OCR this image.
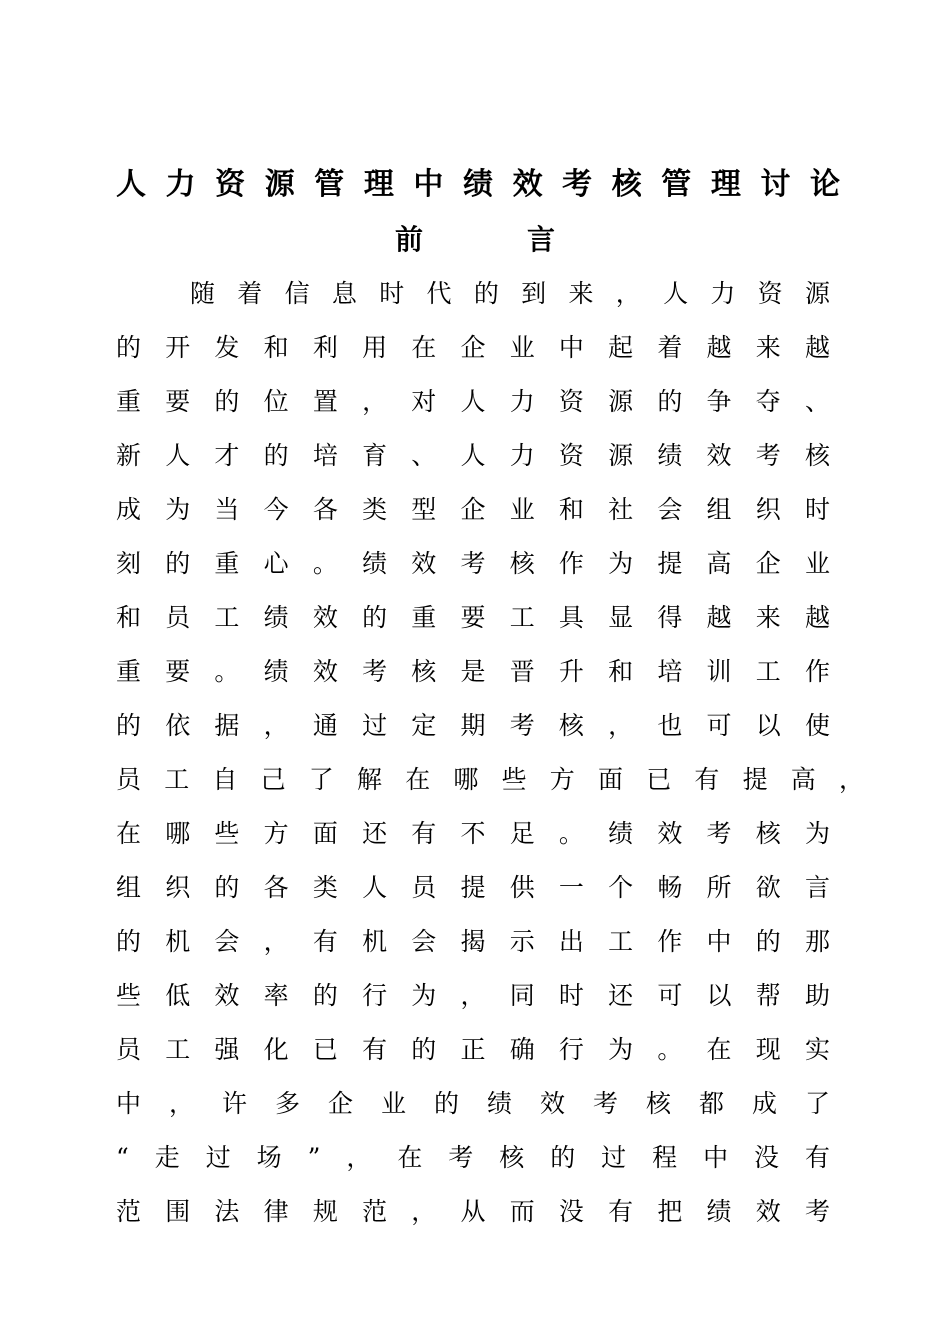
人力资源管理中绩效考核管理讨论
前言

随着信息时代的到来，人力资源

的开发和利用在企业中起着越来越

重要的位置，对人力资源的争夺、

新人才的培育、人力资源绩效考核

成为当今各类型企业和社会组织时

刻的重心。绩效考核作为提高企业

和员工绩效的重要工具显得越来越

重要。绩效考核是晋升和培训工作

的依据，通过定期考核，也可以使

员工自己了解在哪些方面已有提高，

在哪些方面还有不足。绩效考核为

组织的各类人员提供一个畅所欲言

的机会，有机会揭示出工作中的那

些低效率的行为，同时还可以帮助

员工强化已有的正确行为。在现实

中，许多企业的绩效考核都成了

“走过场”，在考核的过程中没有

范围法律规范，从而没有把绩效考
